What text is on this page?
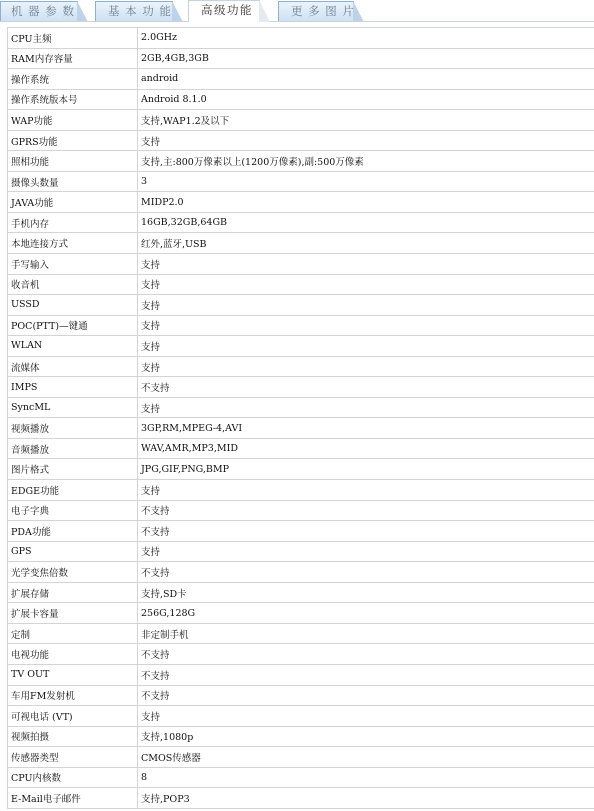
机 器 参 数	基 本 功 能	高级功能	更 多 图 片
CPU主频	2.0GHz
RAM内存容量	2GB,4GB,3GB
操作系统	android
操作系统版本号	Android 8.1.0
WAP功能	支持,WAP1.2及以下
GPRS功能	支持
照相功能	支持,主:800万像素以上(1200万像素),副:500万像素
摄像头数量	3
JAVA功能	MIDP2.0
手机内存	16GB,32GB,64GB
本地连接方式	红外,蓝牙,USB
手写输入	支持
收音机	支持
USSD	支持
POC(PTT)—键通	支持
WLAN	支持
流媒体	支持
IMPS	不支持
SyncML	支持
视频播放	3GP,RM,MPEG-4,AVI
音频播放	WAV,AMR,MP3,MID
图片格式	JPG,GIF,PNG,BMP
EDGE功能	支持
电子字典	不支持
PDA功能	不支持
GPS	支持
光学变焦倍数	不支持
扩展存储	支持,SD卡
扩展卡容量	256G,128G
定制	非定制手机
电视功能	不支持
TV OUT	不支持
车用FM发射机	不支持
可视电话 (VT)	支持
视频拍摄	支持,1080p
传感器类型	CMOS传感器
CPU内核数	8
E-Mail电子邮件	支持,POP3
